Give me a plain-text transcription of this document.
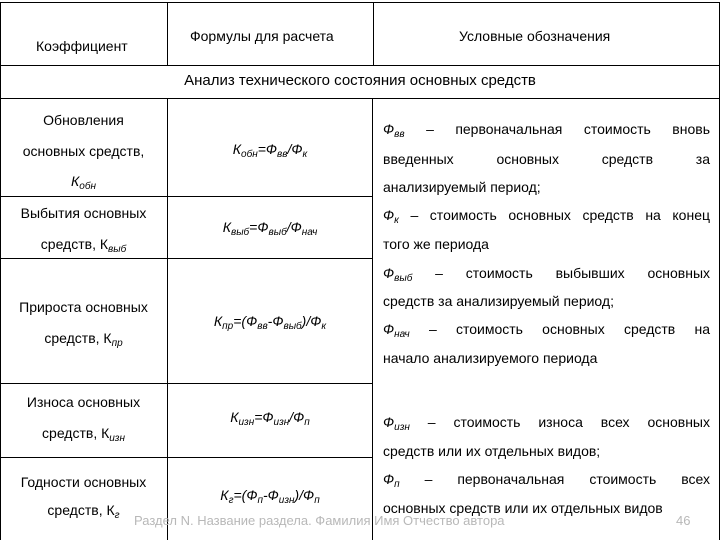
Коэффициент
Формулы для расчета	Условные обозначения
Анализ технического состояния основных средств
Обновления
основных средств,
$К_{обн}$
$К_{обн}=Ф_{вв}/Ф_к$
Выбытия основных
средств, $К_{выб}$
$К_{выб}=Ф_{выб}/Ф_{нач}$
Прироста основных
средств, $К_{пр}$
$К_{пр}=(Ф_{вв}-Ф_{выб})/Ф_к$
Износа основных
средств, $К_{изн}$
$К_{изн}=Ф_{изн}/Ф_п$
Годности основных
средств, $К_г$
$К_г=(Ф_п-Ф_{изн})/Ф_п$
$Ф_{вв}$ – первоначальная стоимость вновь
введенных основных средств за
анализируемый период;
$Ф_к$ – стоимость основных средств на конец
того же периода
$Ф_{выб}$ – стоимость выбывших основных
средств за анализируемый период;
$Ф_{нач}$ – стоимость основных средств на
начало анализируемого периода
$Ф_{изн}$ – стоимость износа всех основных
средств или их отдельных видов;
$Ф_п$ – первоначальная стоимость всех
основных средств или их отдельных видов
Раздел N. Название раздела. Фамилия Имя Отчество автора	46
